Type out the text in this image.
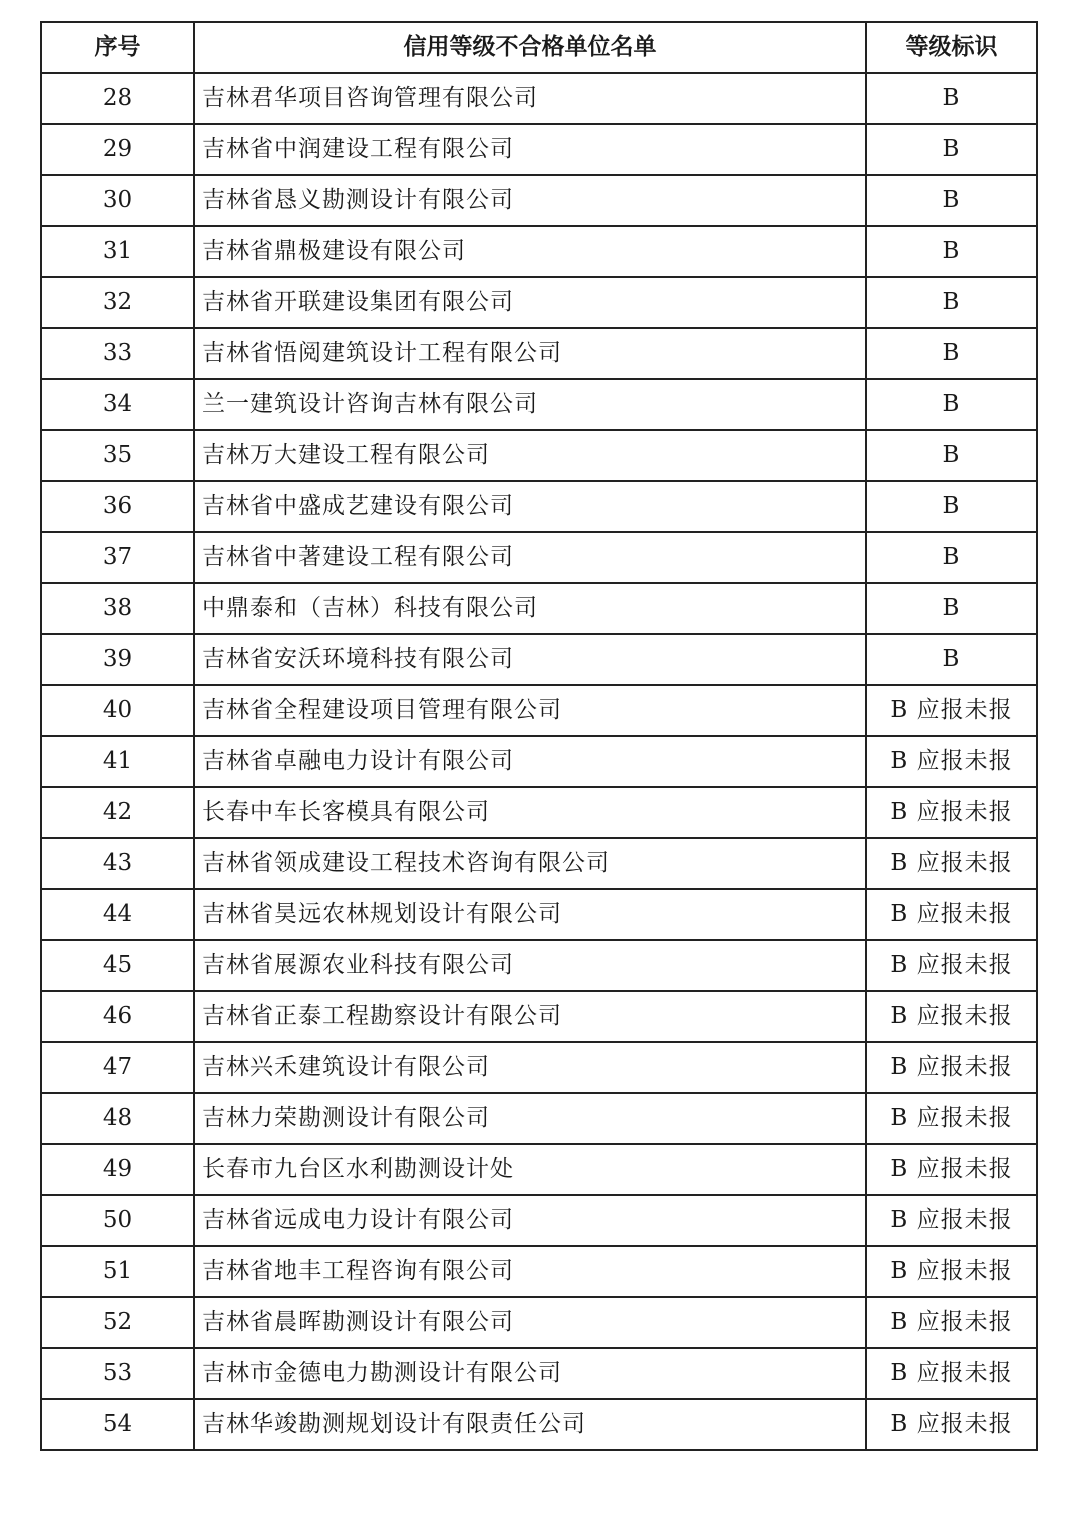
序号	信用等级不合格单位名单	等级标识
28	吉林君华项目咨询管理有限公司	B
29	吉林省中润建设工程有限公司	B
30	吉林省恳义勘测设计有限公司	B
31	吉林省鼎极建设有限公司	B
32	吉林省开联建设集团有限公司	B
33	吉林省悟阅建筑设计工程有限公司	B
34	兰一建筑设计咨询吉林有限公司	B
35	吉林万大建设工程有限公司	B
36	吉林省中盛成艺建设有限公司	B
37	吉林省中著建设工程有限公司	B
38	中鼎泰和（吉林）科技有限公司	B
39	吉林省安沃环境科技有限公司	B
40	吉林省全程建设项目管理有限公司	B 应报未报
41	吉林省卓融电力设计有限公司	B 应报未报
42	长春中车长客模具有限公司	B 应报未报
43	吉林省领成建设工程技术咨询有限公司	B 应报未报
44	吉林省昊远农林规划设计有限公司	B 应报未报
45	吉林省展源农业科技有限公司	B 应报未报
46	吉林省正泰工程勘察设计有限公司	B 应报未报
47	吉林兴禾建筑设计有限公司	B 应报未报
48	吉林力荣勘测设计有限公司	B 应报未报
49	长春市九台区水利勘测设计处	B 应报未报
50	吉林省远成电力设计有限公司	B 应报未报
51	吉林省地丰工程咨询有限公司	B 应报未报
52	吉林省晨晖勘测设计有限公司	B 应报未报
53	吉林市金德电力勘测设计有限公司	B 应报未报
54	吉林华竣勘测规划设计有限责任公司	B 应报未报
